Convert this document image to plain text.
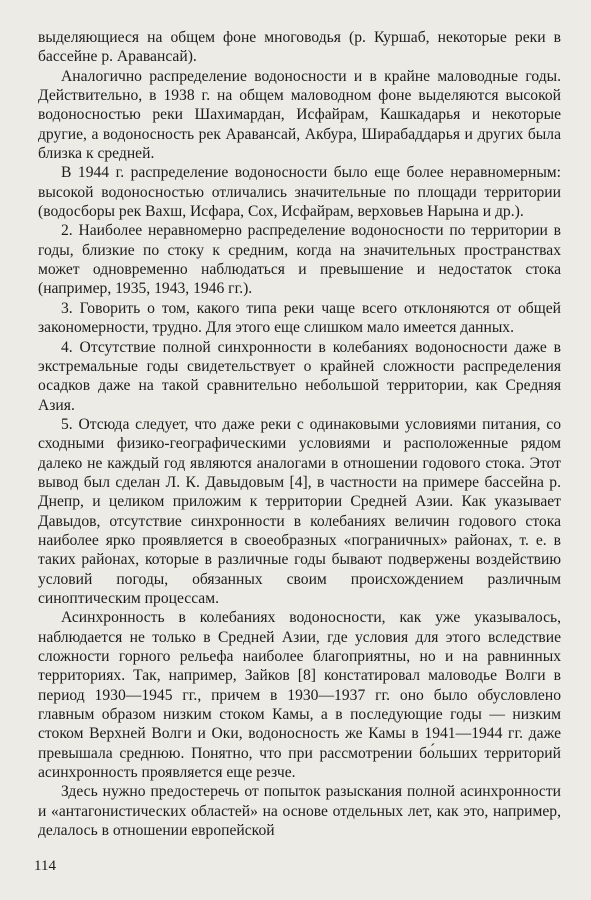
выделяющиеся на общем фоне многоводья (р. Куршаб, некоторые реки в бассейне р. Аравансай).

Аналогично распределение водоносности и в крайне маловодные годы. Действительно, в 1938 г. на общем маловодном фоне выделяются высокой водоносностью реки Шахимардан, Исфайрам, Кашкадарья и некоторые другие, а водоносность рек Аравансай, Акбура, Ширабаддарья и других была близка к средней.

В 1944 г. распределение водоносности было еще более неравномерным: высокой водоносностью отличались значительные по площади территории (водосборы рек Вахш, Исфара, Сох, Исфайрам, верховьев Нарына и др.).

2. Наиболее неравномерно распределение водоносности по территории в годы, близкие по стоку к средним, когда на значительных пространствах может одновременно наблюдаться и превышение и недостаток стока (например, 1935, 1943, 1946 гг.).

3. Говорить о том, какого типа реки чаще всего отклоняются от общей закономерности, трудно. Для этого еще слишком мало имеется данных.

4. Отсутствие полной синхронности в колебаниях водоносности даже в экстремальные годы свидетельствует о крайней сложности распределения осадков даже на такой сравнительно небольшой территории, как Средняя Азия.

5. Отсюда следует, что даже реки с одинаковыми условиями питания, со сходными физико-географическими условиями и расположенные рядом далеко не каждый год являются аналогами в отношении годового стока. Этот вывод был сделан Л. К. Давыдовым [4], в частности на примере бассейна р. Днепр, и целиком приложим к территории Средней Азии. Как указывает Давыдов, отсутствие синхронности в колебаниях величин годового стока наиболее ярко проявляется в своеобразных «пограничных» районах, т. е. в таких районах, которые в различные годы бывают подвержены воздействию условий погоды, обязанных своим происхождением различным синоптическим процессам.

Асинхронность в колебаниях водоносности, как уже указывалось, наблюдается не только в Средней Азии, где условия для этого вследствие сложности горного рельефа наиболее благоприятны, но и на равнинных территориях. Так, например, Зайков [8] констатировал маловодье Волги в период 1930—1945 гг., причем в 1930—1937 гг. оно было обусловлено главным образом низким стоком Камы, а в последующие годы — низким стоком Верхней Волги и Оки, водоносность же Камы в 1941—1944 гг. даже превышала среднюю. Понятно, что при рассмотрении бо́льших территорий асинхронность проявляется еще резче.

Здесь нужно предостеречь от попыток разыскания полной асинхронности и «антагонистических областей» на основе отдельных лет, как это, например, делалось в отношении европейской

114
